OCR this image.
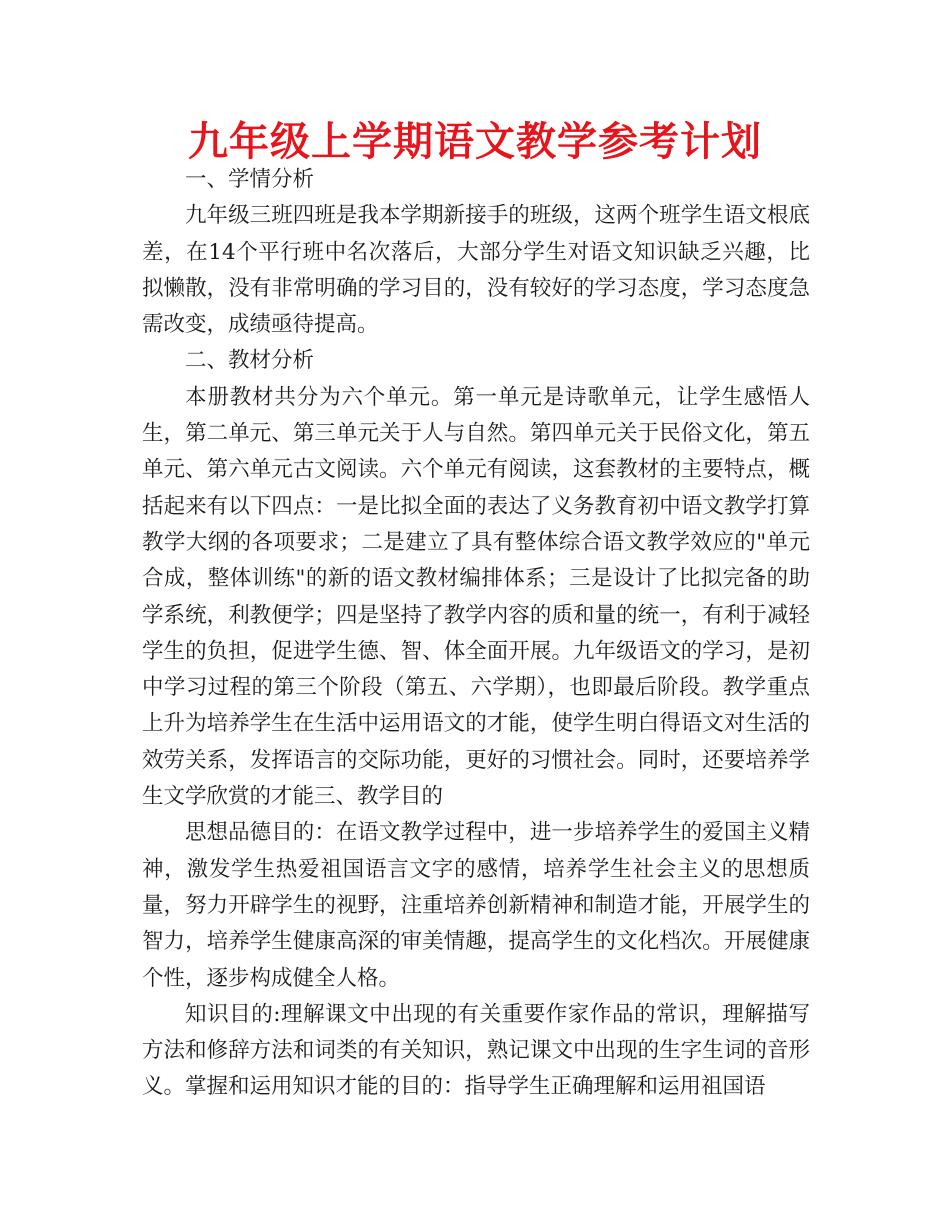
九年级上学期语文教学参考计划

一、学情分析

九年级三班四班是我本学期新接手的班级，这两个班学生语文根底差，在14个平行班中名次落后，大部分学生对语文知识缺乏兴趣，比拟懒散，没有非常明确的学习目的，没有较好的学习态度，学习态度急需改变，成绩亟待提高。

二、教材分析

本册教材共分为六个单元。第一单元是诗歌单元，让学生感悟人生，第二单元、第三单元关于人与自然。第四单元关于民俗文化，第五单元、第六单元古文阅读。六个单元有阅读，这套教材的主要特点，概括起来有以下四点：一是比拟全面的表达了义务教育初中语文教学打算教学大纲的各项要求；二是建立了具有整体综合语文教学效应的"单元合成，整体训练"的新的语文教材编排体系；三是设计了比拟完备的助学系统，利教便学；四是坚持了教学内容的质和量的统一，有利于减轻学生的负担，促进学生德、智、体全面开展。九年级语文的学习，是初中学习过程的第三个阶段（第五、六学期），也即最后阶段。教学重点上升为培养学生在生活中运用语文的才能，使学生明白得语文对生活的效劳关系，发挥语言的交际功能，更好的习惯社会。同时，还要培养学生文学欣赏的才能三、教学目的

思想品德目的：在语文教学过程中，进一步培养学生的爱国主义精神，激发学生热爱祖国语言文字的感情，培养学生社会主义的思想质量，努力开辟学生的视野，注重培养创新精神和制造才能，开展学生的智力，培养学生健康高深的审美情趣，提高学生的文化档次。开展健康个性，逐步构成健全人格。

知识目的:理解课文中出现的有关重要作家作品的常识，理解描写方法和修辞方法和词类的有关知识，熟记课文中出现的生字生词的音形义。掌握和运用知识才能的目的：指导学生正确理解和运用祖国语
